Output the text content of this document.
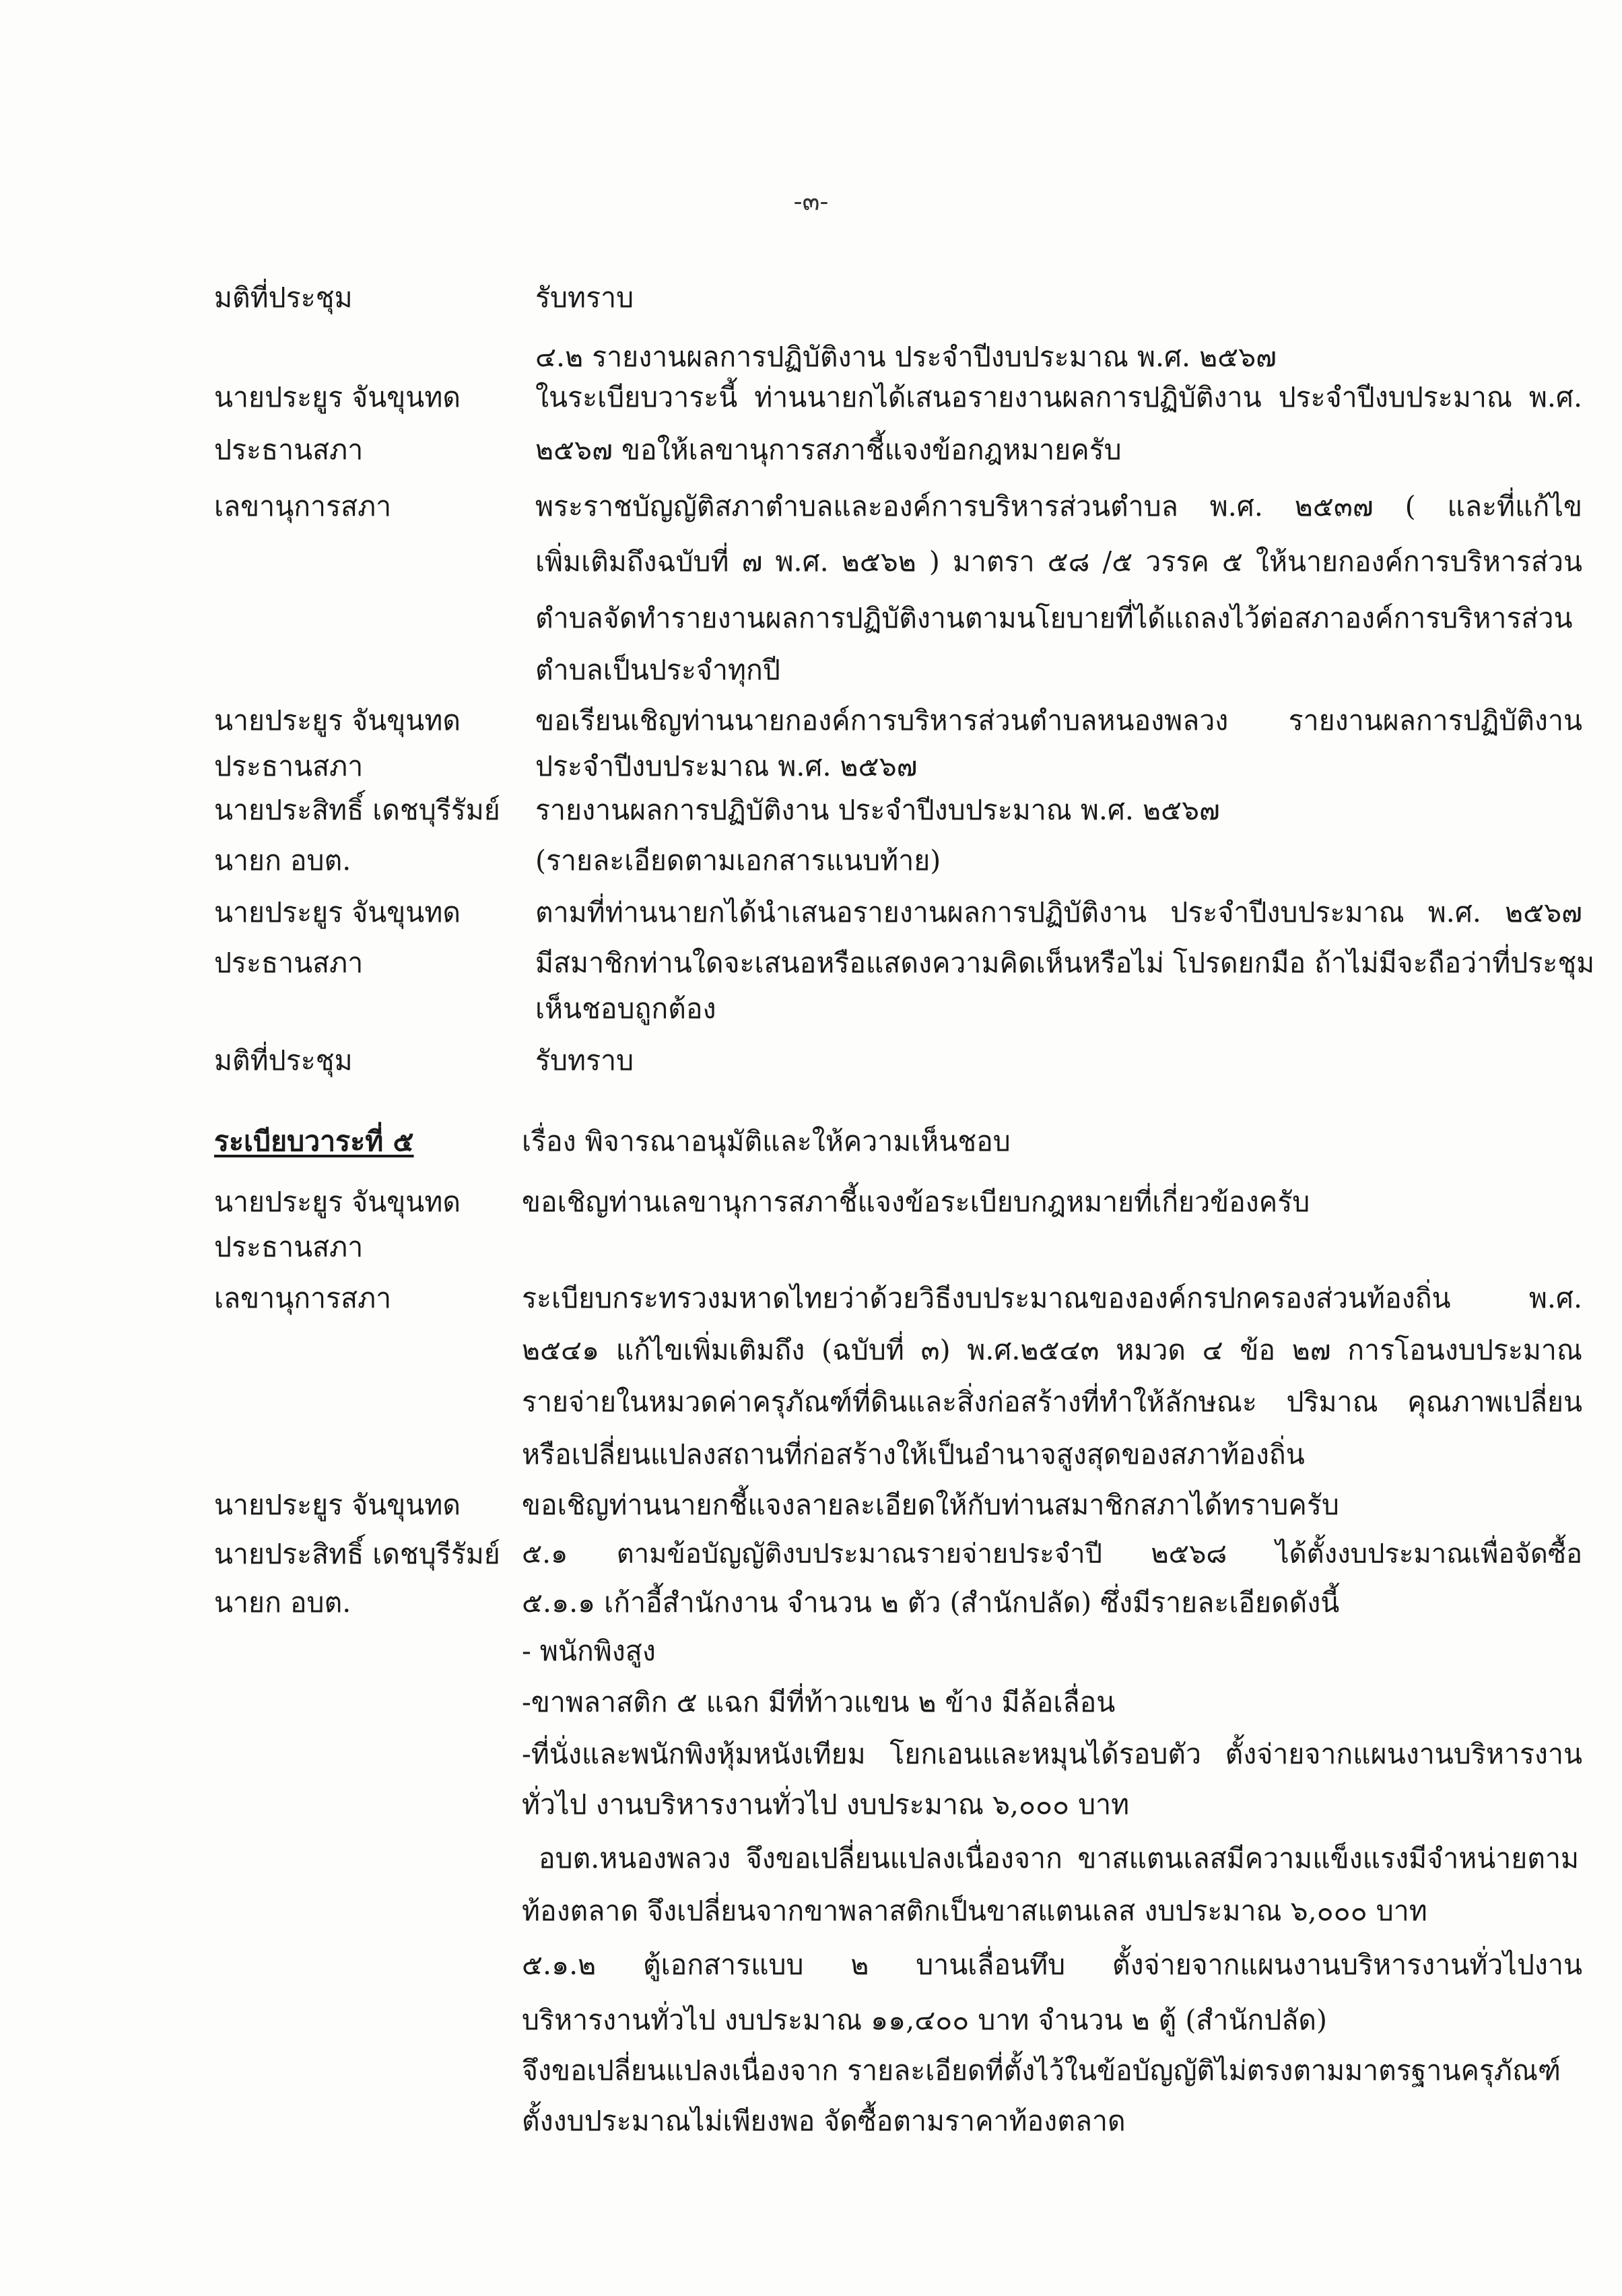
-๓-
มติที่ประชุม	รับทราบ
๔.๒ รายงานผลการปฏิบัติงาน ประจำปีงบประมาณ พ.ศ. ๒๕๖๗
นายประยูร จันขุนทด	ในระเบียบวาระนี้ ท่านนายกได้เสนอรายงานผลการปฏิบัติงาน ประจำปีงบประมาณ พ.ศ.
ประธานสภา	๒๕๖๗ ขอให้เลขานุการสภาชี้แจงข้อกฎหมายครับ
เลขานุการสภา	พระราชบัญญัติสภาตำบลและองค์การบริหารส่วนตำบล พ.ศ. ๒๕๓๗ ( และที่แก้ไข
เพิ่มเติมถึงฉบับที่ ๗ พ.ศ. ๒๕๖๒ ) มาตรา ๕๘ /๕ วรรค ๕ ให้นายกองค์การบริหารส่วน
ตำบลจัดทำรายงานผลการปฏิบัติงานตามนโยบายที่ได้แถลงไว้ต่อสภาองค์การบริหารส่วน
ตำบลเป็นประจำทุกปี
นายประยูร จันขุนทด	ขอเรียนเชิญท่านนายกองค์การบริหารส่วนตำบลหนองพลวง รายงานผลการปฏิบัติงาน
ประธานสภา	ประจำปีงบประมาณ พ.ศ. ๒๕๖๗
นายประสิทธิ์ เดชบุรีรัมย์ รายงานผลการปฏิบัติงาน ประจำปีงบประมาณ พ.ศ. ๒๕๖๗
นายก อบต.	(รายละเอียดตามเอกสารแนบท้าย)
นายประยูร จันขุนทด	ตามที่ท่านนายกได้นำเสนอรายงานผลการปฏิบัติงาน ประจำปีงบประมาณ พ.ศ. ๒๕๖๗
ประธานสภา	มีสมาชิกท่านใดจะเสนอหรือแสดงความคิดเห็นหรือไม่ โปรดยกมือ ถ้าไม่มีจะถือว่าที่ประชุม
เห็นชอบถูกต้อง
มติที่ประชุม	รับทราบ
ระเบียบวาระที่ ๕	เรื่อง พิจารณาอนุมัติและให้ความเห็นชอบ
นายประยูร จันขุนทด ขอเชิญท่านเลขานุการสภาชี้แจงข้อระเบียบกฎหมายที่เกี่ยวข้องครับ
ประธานสภา
เลขานุการสภา	ระเบียบกระทรวงมหาดไทยว่าด้วยวิธีงบประมาณขององค์กรปกครองส่วนท้องถิ่น พ.ศ.
๒๕๔๑ แก้ไขเพิ่มเติมถึง (ฉบับที่ ๓) พ.ศ.๒๕๔๓ หมวด ๔ ข้อ ๒๗ การโอนงบประมาณ
รายจ่ายในหมวดค่าครุภัณฑ์ที่ดินและสิ่งก่อสร้างที่ทำให้ลักษณะ ปริมาณ คุณภาพเปลี่ยน
หรือเปลี่ยนแปลงสถานที่ก่อสร้างให้เป็นอำนาจสูงสุดของสภาท้องถิ่น
นายประยูร จันขุนทด ขอเชิญท่านนายกชี้แจงลายละเอียดให้กับท่านสมาชิกสภาได้ทราบครับ
นายประสิทธิ์ เดชบุรีรัมย์ ๕.๑ ตามข้อบัญญัติงบประมาณรายจ่ายประจำปี ๒๕๖๘ ได้ตั้งงบประมาณเพื่อจัดซื้อ
นายก อบต.	๕.๑.๑ เก้าอี้สำนักงาน จำนวน ๒ ตัว (สำนักปลัด) ซึ่งมีรายละเอียดดังนี้
- พนักพิงสูง
-ขาพลาสติก ๕ แฉก มีที่ท้าวแขน ๒ ข้าง มีล้อเลื่อน
-ที่นั่งและพนักพิงหุ้มหนังเทียม โยกเอนและหมุนได้รอบตัว ตั้งจ่ายจากแผนงานบริหารงาน
ทั่วไป งานบริหารงานทั่วไป งบประมาณ ๖,๐๐๐ บาท
อบต.หนองพลวง จึงขอเปลี่ยนแปลงเนื่องจาก ขาสแตนเลสมีความแข็งแรงมีจำหน่ายตาม
ท้องตลาด จึงเปลี่ยนจากขาพลาสติกเป็นขาสแตนเลส งบประมาณ ๖,๐๐๐ บาท
๕.๑.๒ ตู้เอกสารแบบ ๒ บานเลื่อนทึบ ตั้งจ่ายจากแผนงานบริหารงานทั่วไปงาน
บริหารงานทั่วไป งบประมาณ ๑๑,๔๐๐ บาท จำนวน ๒ ตู้ (สำนักปลัด)
จึงขอเปลี่ยนแปลงเนื่องจาก รายละเอียดที่ตั้งไว้ในข้อบัญญัติไม่ตรงตามมาตรฐานครุภัณฑ์
ตั้งงบประมาณไม่เพียงพอ จัดซื้อตามราคาท้องตลาด
